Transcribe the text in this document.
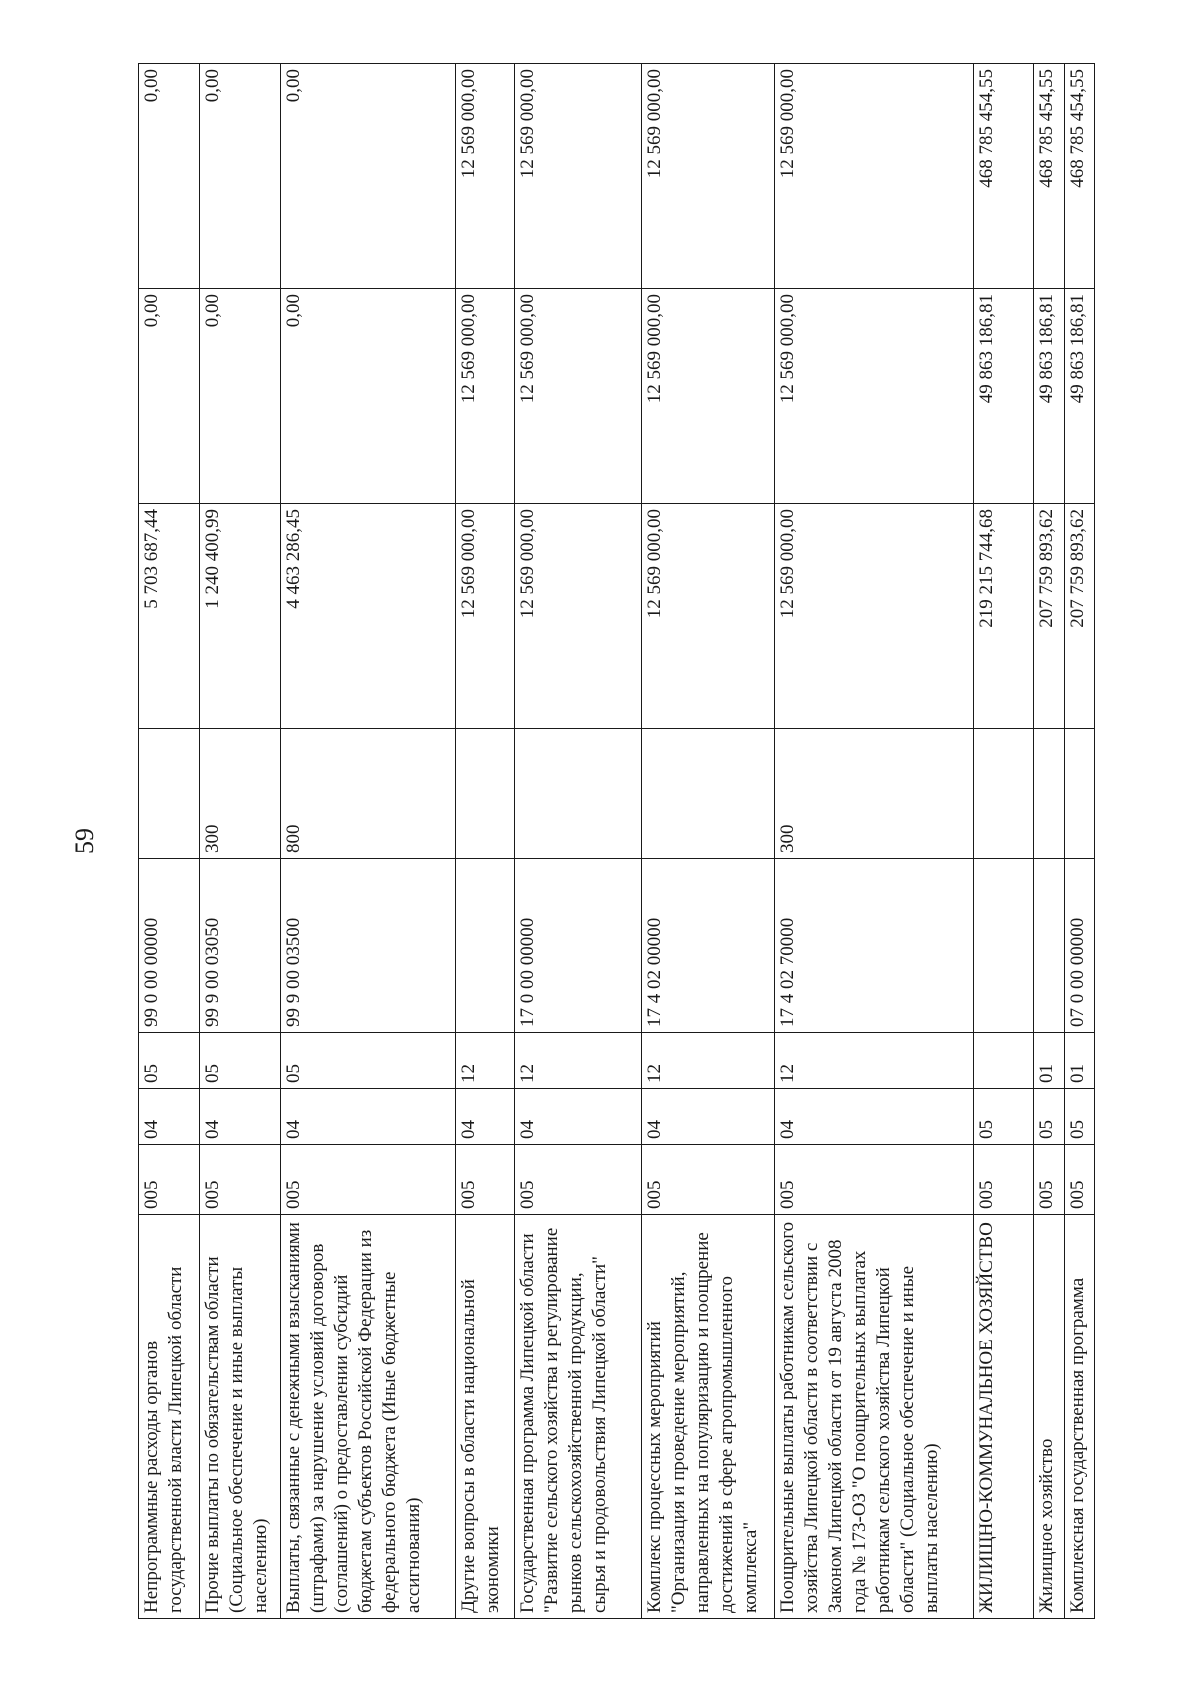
59
Непрограммные расходы органов государственной власти Липецкой области	005	04	05	99 0 00 00000		5 703 687,44	0,00	0,00
Прочие выплаты по обязательствам области (Социальное обеспечение и иные выплаты населению)	005	04	05	99 9 00 03050	300	1 240 400,99	0,00	0,00
Выплаты, связанные с денежными взысканиями (штрафами) за нарушение условий договоров (соглашений) о предоставлении субсидий бюджетам субъектов Российской Федерации из федерального бюджета (Иные бюджетные ассигнования)	005	04	05	99 9 00 03500	800	4 463 286,45	0,00	0,00
Другие вопросы в области национальной экономики	005	04	12			12 569 000,00	12 569 000,00	12 569 000,00
Государственная программа Липецкой области "Развитие сельского хозяйства и регулирование рынков сельскохозяйственной продукции, сырья и продовольствия Липецкой области"	005	04	12	17 0 00 00000		12 569 000,00	12 569 000,00	12 569 000,00
Комплекс процессных мероприятий "Организация и проведение мероприятий, направленных на популяризацию и поощрение достижений в сфере агропромышленного комплекса"	005	04	12	17 4 02 00000		12 569 000,00	12 569 000,00	12 569 000,00
Поощрительные выплаты работникам сельского хозяйства Липецкой области в соответствии с Законом Липецкой области от 19 августа 2008 года № 173-ОЗ "О поощрительных выплатах работникам сельского хозяйства Липецкой области" (Социальное обеспечение и иные выплаты населению)	005	04	12	17 4 02 70000	300	12 569 000,00	12 569 000,00	12 569 000,00
ЖИЛИЩНО-КОММУНАЛЬНОЕ ХОЗЯЙСТВО	005	05				219 215 744,68	49 863 186,81	468 785 454,55
Жилищное хозяйство	005	05	01			207 759 893,62	49 863 186,81	468 785 454,55
Комплексная государственная программа	005	05	01	07 0 00 00000		207 759 893,62	49 863 186,81	468 785 454,55
